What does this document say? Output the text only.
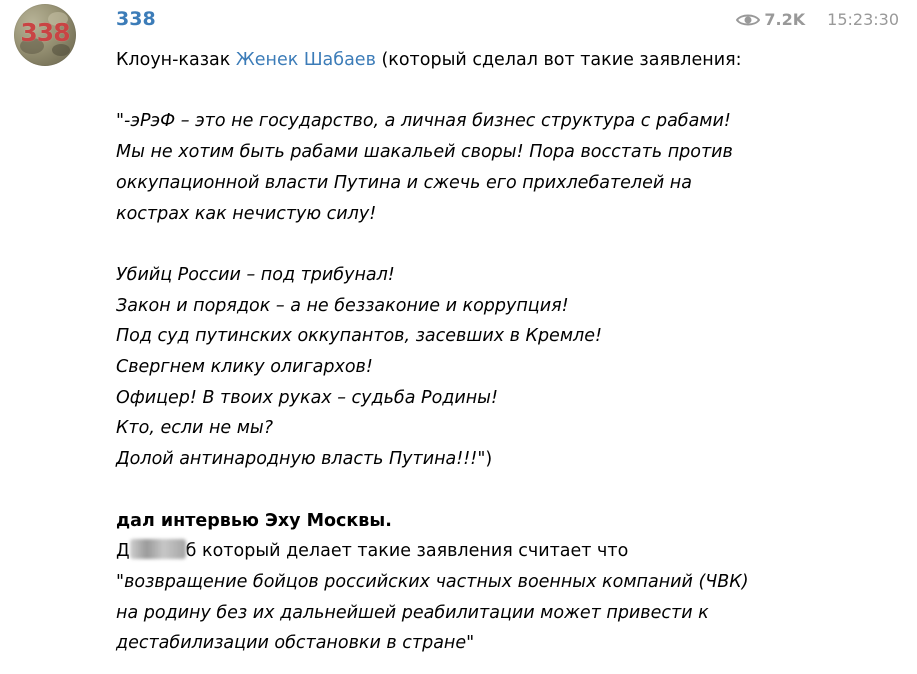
338	338	7.2K 15:23:30

Клоун-казак Женек Шабаев (который сделал вот такие заявления:

"-эРэФ – это не государство, а личная бизнес структура с рабами!

Мы не хотим быть рабами шакальей своры! Пора восстать против

оккупационной власти Путина и сжечь его прихлебателей на

кострах как нечистую силу!

Убийц России – под трибунал!

Закон и порядок – а не беззаконие и коррупция!

Под суд путинских оккупантов, засевших в Кремле!

Свергнем клику олигархов!

Офицер! В твоих руках – судьба Родины!

Кто, если не мы?

Долой антинародную власть Путина!!!")

дал интервью Эху Москвы.

Д	б который делает такие заявления считает что

"возвращение бойцов российских частных военных компаний (ЧВК)

на родину без их дальнейшей реабилитации может привести к

дестабилизации обстановки в стране"
